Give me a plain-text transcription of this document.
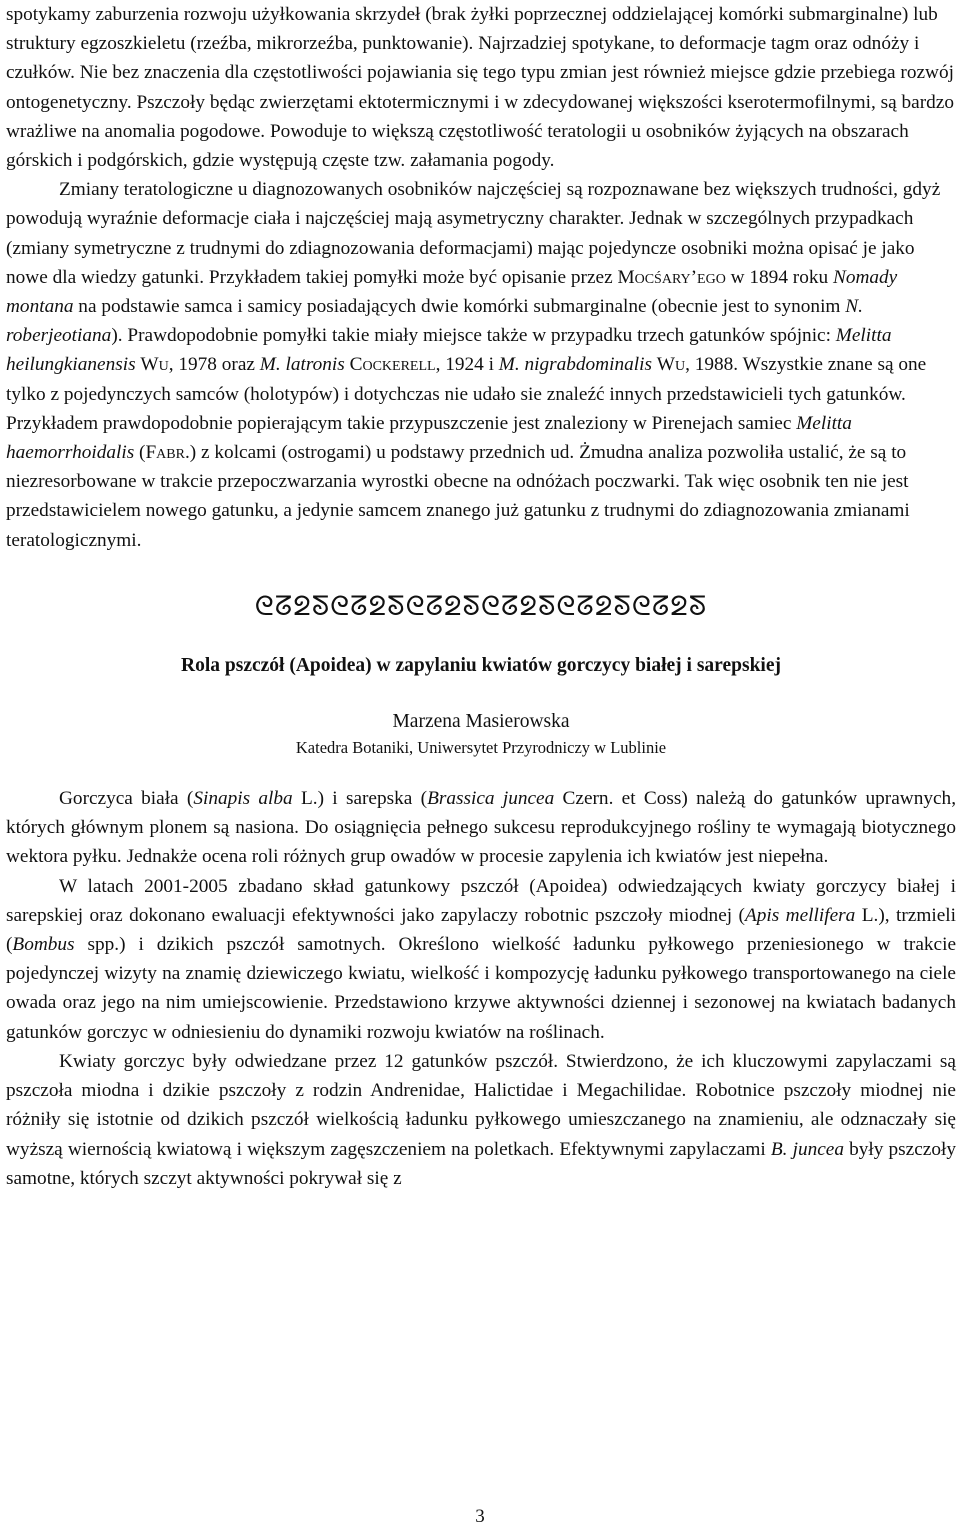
spotykamy zaburzenia rozwoju użyłkowania skrzydeł (brak żyłki poprzecznej oddzielającej komórki submarginalne) lub struktury egzoszkieletu (rzeźba, mikrorzeźba, punktowanie). Najrzadziej spotykane, to deformacje tagm oraz odnóży i czułków. Nie bez znaczenia dla częstotliwości pojawiania się tego typu zmian jest również miejsce gdzie przebiega rozwój ontogenetyczny. Pszczoły będąc zwierzętami ektotermicznymi i w zdecydowanej większości kserotermofilnymi, są bardzo wrażliwe na anomalia pogodowe. Powoduje to większą częstotliwość teratologii u osobników żyjących na obszarach górskich i podgórskich, gdzie występują częste tzw. załamania pogody.

Zmiany teratologiczne u diagnozowanych osobników najczęściej są rozpoznawane bez większych trudności, gdyż powodują wyraźnie deformacje ciała i najczęściej mają asymetryczny charakter. Jednak w szczególnych przypadkach (zmiany symetryczne z trudnymi do zdiagnozowania deformacjami) mając pojedyncze osobniki można opisać je jako nowe dla wiedzy gatunki. Przykładem takiej pomyłki może być opisanie przez Mocśary’ego w 1894 roku Nomady montana na podstawie samca i samicy posiadających dwie komórki submarginalne (obecnie jest to synonim N. roberjeotiana). Prawdopodobnie pomyłki takie miały miejsce także w przypadku trzech gatunków spójnic: Melitta heilungkianensis Wu, 1978 oraz M. latronis Cockerell, 1924 i M. nigrabdominalis Wu, 1988. Wszystkie znane są one tylko z pojedynczych samców (holotypów) i dotychczas nie udało sie znaleźć innych przedstawicieli tych gatunków. Przykładem prawdopodobnie popierającym takie przypuszczenie jest znaleziony w Pirenejach samiec Melitta haemorrhoidalis (Fabr.) z kolcami (ostrogami) u podstawy przednich ud. Żmudna analiza pozwoliła ustalić, że są to niezresorbowane w trakcie przepoczwarzania wyrostki obecne na odnóżach poczwarki. Tak więc osobnik ten nie jest przedstawicielem nowego gatunku, a jedynie samcem znanego już gatunku z trudnymi do zdiagnozowania zmianami teratologicznymi.

ᘓᘔᘖᘕᘓᘔᘖᘕᘓᘔᘖᘕᘓᘔᘖᘕᘓᘔᘖᘕᘓᘔᘖᘕ
Rola pszczół (Apoidea) w zapylaniu kwiatów gorczycy białej i sarepskiej
Marzena Masierowska
Katedra Botaniki, Uniwersytet Przyrodniczy w Lublinie

Gorczyca biała (Sinapis alba L.) i sarepska (Brassica juncea Czern. et Coss) należą do gatunków uprawnych, których głównym plonem są nasiona. Do osiągnięcia pełnego sukcesu reprodukcyjnego rośliny te wymagają biotycznego wektora pyłku. Jednakże ocena roli różnych grup owadów w procesie zapylenia ich kwiatów jest niepełna.

W latach 2001-2005 zbadano skład gatunkowy pszczół (Apoidea) odwiedzających kwiaty gorczycy białej i sarepskiej oraz dokonano ewaluacji efektywności jako zapylaczy robotnic pszczoły miodnej (Apis mellifera L.), trzmieli (Bombus spp.) i dzikich pszczół samotnych. Określono wielkość ładunku pyłkowego przeniesionego w trakcie pojedynczej wizyty na znamię dziewiczego kwiatu, wielkość i kompozycję ładunku pyłkowego transportowanego na ciele owada oraz jego na nim umiejscowienie. Przedstawiono krzywe aktywności dziennej i sezonowej na kwiatach badanych gatunków gorczyc w odniesieniu do dynamiki rozwoju kwiatów na roślinach.

Kwiaty gorczyc były odwiedzane przez 12 gatunków pszczół. Stwierdzono, że ich kluczowymi zapylaczami są pszczoła miodna i dzikie pszczoły z rodzin Andrenidae, Halictidae i Megachilidae. Robotnice pszczoły miodnej nie różniły się istotnie od dzikich pszczół wielkością ładunku pyłkowego umieszczanego na znamieniu, ale odznaczały się wyższą wiernością kwiatową i większym zagęszczeniem na poletkach. Efektywnymi zapylaczami B. juncea były pszczoły samotne, których szczyt aktywności pokrywał się z

3
